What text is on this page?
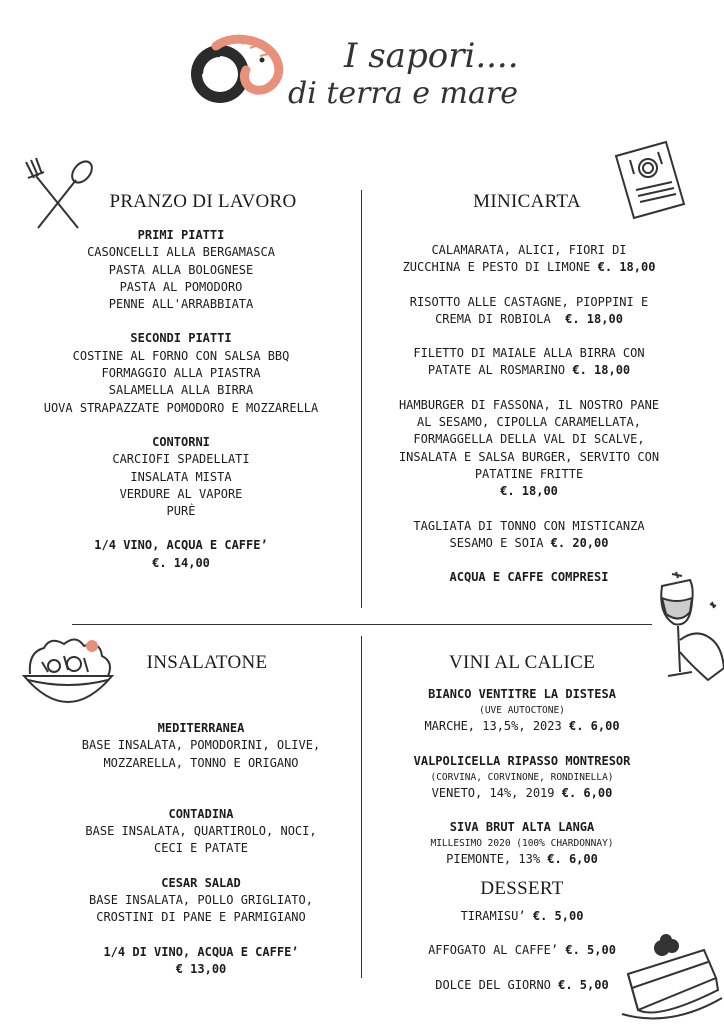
I sapori....
di terra e mare
PRANZO DI LAVORO
PRIMI PIATTI
CASONCELLI ALLA BERGAMASCA
PASTA ALLA BOLOGNESE
PASTA AL POMODORO
PENNE ALL'ARRABBIATA
SECONDI PIATTI
COSTINE AL FORNO CON SALSA BBQ
FORMAGGIO ALLA PIASTRA
SALAMELLA ALLA BIRRA
UOVA STRAPAZZATE POMODORO E MOZZARELLA
CONTORNI
CARCIOFI SPADELLATI
INSALATA MISTA
VERDURE AL VAPORE
PURÈ
1/4 VINO, ACQUA E CAFFE’
€. 14,00
MINICARTA
CALAMARATA, ALICI, FIORI DI
ZUCCHINA E PESTO DI LIMONE €. 18,00
RISOTTO ALLE CASTAGNE, PIOPPINI E
CREMA DI ROBIOLA €. 18,00
FILETTO DI MAIALE ALLA BIRRA CON
PATATE AL ROSMARINO €. 18,00
HAMBURGER DI FASSONA, IL NOSTRO PANE
AL SESAMO, CIPOLLA CARAMELLATA,
FORMAGGELLA DELLA VAL DI SCALVE,
INSALATA E SALSA BURGER, SERVITO CON
PATATINE FRITTE
€. 18,00
TAGLIATA DI TONNO CON MISTICANZA
SESAMO E SOIA €. 20,00
ACQUA E CAFFE COMPRESI
INSALATONE
MEDITERRANEA
BASE INSALATA, POMODORINI, OLIVE,
MOZZARELLA, TONNO E ORIGANO
CONTADINA
BASE INSALATA, QUARTIROLO, NOCI,
CECI E PATATE
CESAR SALAD
BASE INSALATA, POLLO GRIGLIATO,
CROSTINI DI PANE E PARMIGIANO
1/4 DI VINO, ACQUA E CAFFE’
€ 13,00
VINI AL CALICE
BIANCO VENTITRE LA DISTESA
(UVE AUTOCTONE)
MARCHE, 13,5%, 2023 €. 6,00
VALPOLICELLA RIPASSO MONTRESOR
(CORVINA, CORVINONE, RONDINELLA)
VENETO, 14%, 2019 €. 6,00
SIVA BRUT ALTA LANGA
MILLESIMO 2020 (100% CHARDONNAY)
PIEMONTE, 13% €. 6,00
DESSERT
TIRAMISU’ €. 5,00
AFFOGATO AL CAFFE’ €. 5,00
DOLCE DEL GIORNO €. 5,00
